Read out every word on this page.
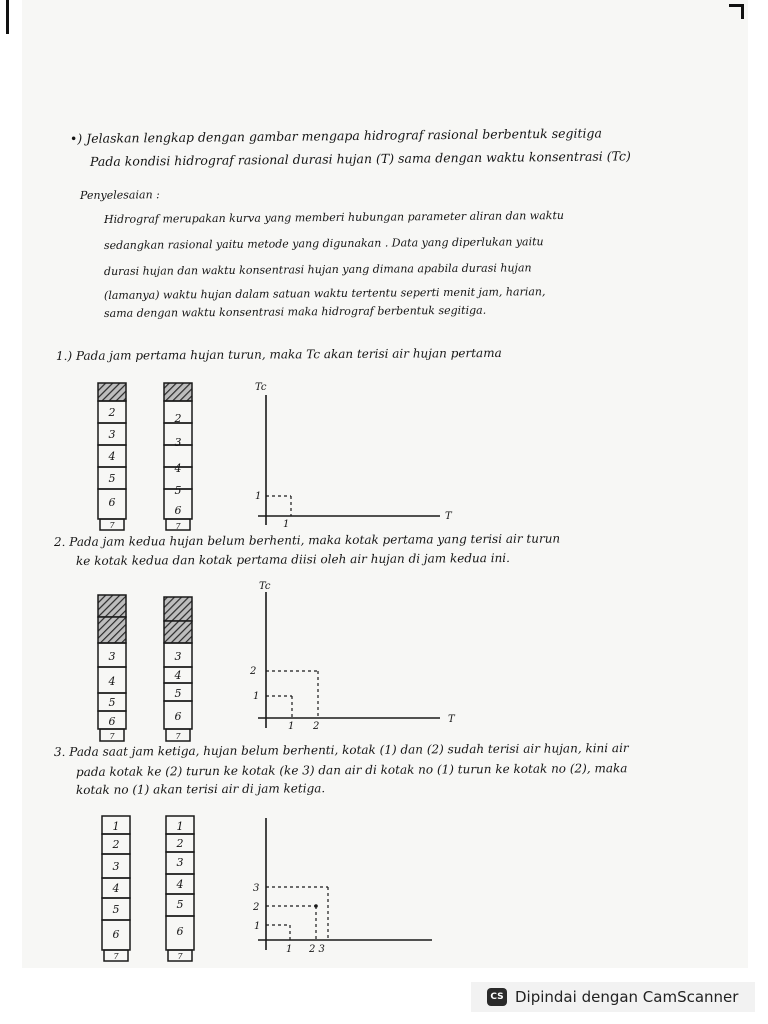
•) Jelaskan lengkap dengan gambar mengapa hidrograf rasional berbentuk segitiga
Pada kondisi hidrograf rasional durasi hujan (T) sama dengan waktu konsentrasi (Tc)
Penyelesaian :
Hidrograf merupakan kurva yang memberi hubungan parameter aliran dan waktu
sedangkan rasional yaitu metode yang digunakan . Data yang diperlukan yaitu
durasi hujan dan waktu konsentrasi hujan yang dimana apabila durasi hujan
(lamanya) waktu hujan dalam satuan waktu tertentu seperti menit jam, harian,
sama dengan waktu konsentrasi maka hidrograf berbentuk segitiga.
1.) Pada jam pertama hujan turun, maka Tc akan terisi air hujan pertama
2
3
4
5
6
7
2
3
4
5
6
7
Tc
T
1
1
3
4
5
6
7
3
4
5
6
7
Tc
T
2
1
1 2
1
2
3
4
5
6
7
1
2
3
4
5
6
7
3
2
1
1 2 3
2. Pada jam kedua hujan belum berhenti, maka kotak pertama yang terisi air turun
ke kotak kedua dan kotak pertama diisi oleh air hujan di jam kedua ini.
3. Pada saat jam ketiga, hujan belum berhenti, kotak (1) dan (2) sudah terisi air hujan, kini air
pada kotak ke (2) turun ke kotak (ke 3) dan air di kotak no (1) turun ke kotak no (2), maka
kotak no (1) akan terisi air di jam ketiga.
CS Dipindai dengan CamScanner
